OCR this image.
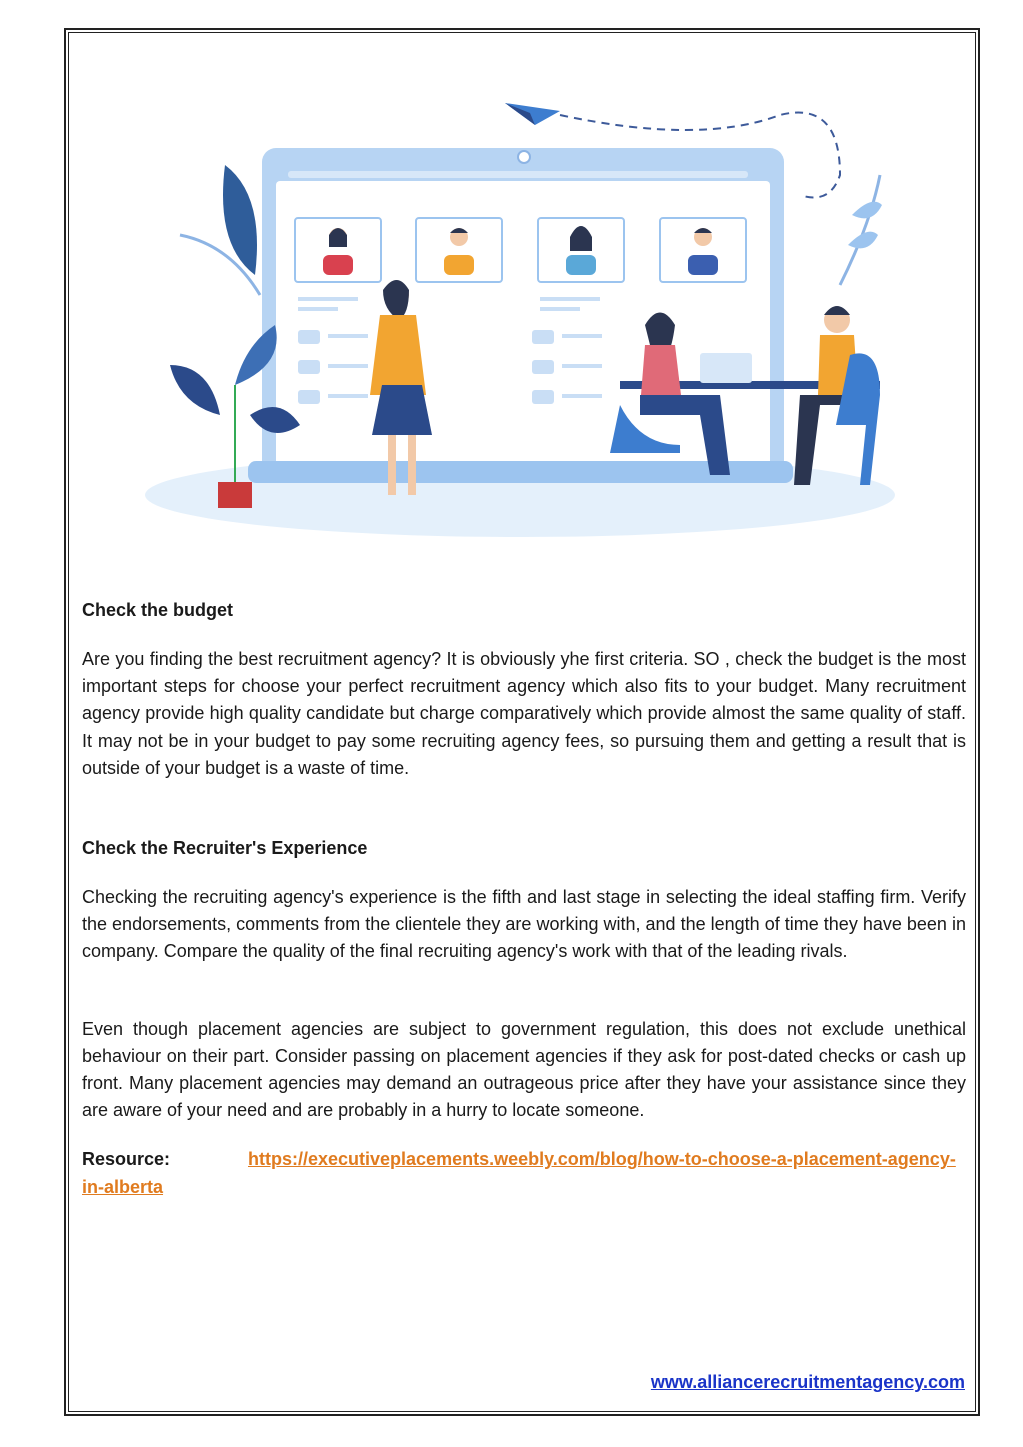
Check the budget

Are you finding the best recruitment agency? It is obviously yhe first criteria. SO , check the budget is the most important steps for choose your perfect recruitment agency which also fits to your budget. Many recruitment agency provide high quality candidate but charge comparatively which provide almost the same quality of staff. It may not be in your budget to pay some recruiting agency fees, so pursuing them and getting a result that is outside of your budget is a waste of time.

Check the Recruiter's Experience

Checking the recruiting agency's experience is the fifth and last stage in selecting the ideal staffing firm. Verify the endorsements, comments from the clientele they are working with, and the length of time they have been in company. Compare the quality of the final recruiting agency's work with that of the leading rivals.

Even though placement agencies are subject to government regulation, this does not exclude unethical behaviour on their part. Consider passing on placement agencies if they ask for post-dated checks or cash up front. Many placement agencies may demand an outrageous price after they have your assistance since they are aware of your need and are probably in a hurry to locate someone.

Resource:	https://executiveplacements.weebly.com/blog/how-to-choose-a-placement-agency-in-alberta

www.alliancerecruitmentagency.com
